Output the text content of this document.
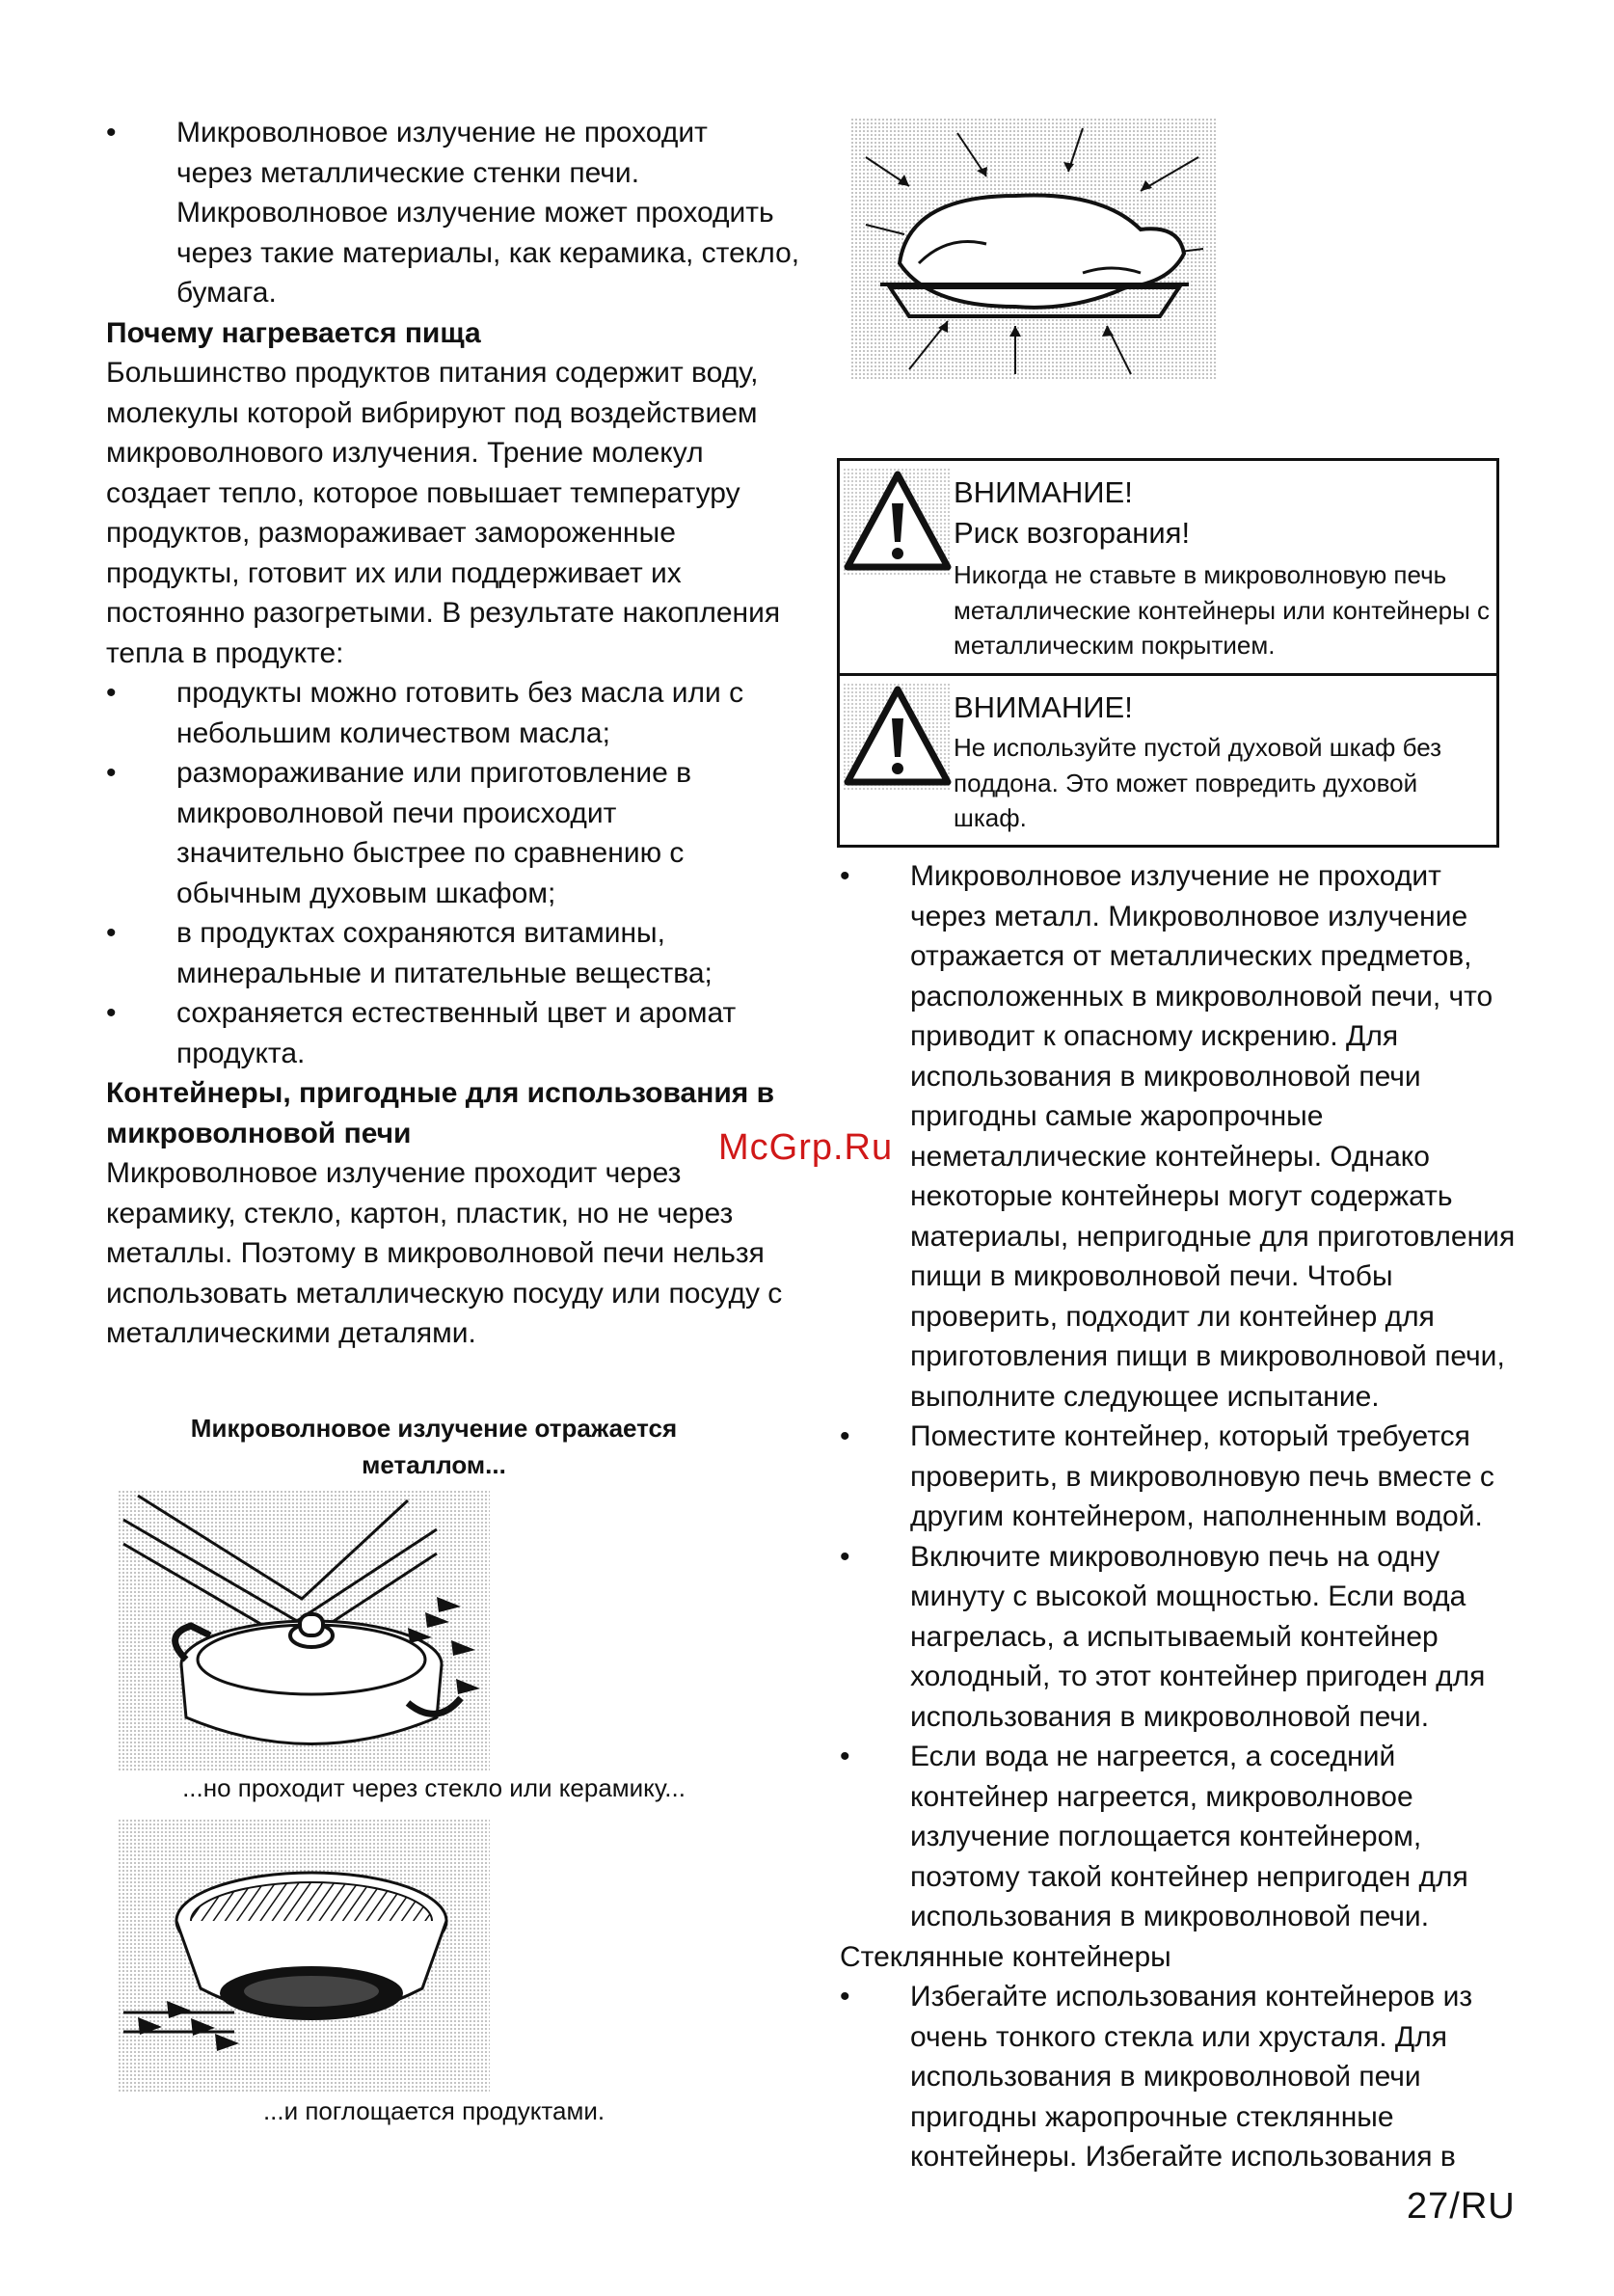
•	Микроволновое излучение не проходит

через металлические стенки печи.

Микроволновое излучение может проходить

через такие материалы, как керамика, стекло,

бумага.

Почему нагревается пища

Большинство продуктов питания содержит воду,

молекулы которой вибрируют под воздействием

микроволнового излучения. Трение молекул

создает тепло, которое повышает температуру

продуктов, размораживает замороженные

продукты, готовит их или поддерживает их

постоянно разогретыми. В результате накопления

тепла в продукте:

•	продукты можно готовить без масла или с

небольшим количеством масла;

•	размораживание или приготовление в

микроволновой печи происходит

значительно быстрее по сравнению с

обычным духовым шкафом;

•	в продуктах сохраняются витамины,

минеральные и питательные вещества;

•	сохраняется естественный цвет и аромат

продукта.

Контейнеры, пригодные для использования в

микроволновой печи

Микроволновое излучение проходит через

керамику, стекло, картон, пластик, но не через

металлы. Поэтому в микроволновой печи нельзя

использовать металлическую посуду или посуду с

металлическими деталями.

Микроволновое излучение отражается
металлом...
...но проходит через стекло или керамику...
...и поглощается продуктами.
ВНИМАНИЕ!
Риск возгорания!
Никогда не ставьте в микроволновую печь
металлические контейнеры или контейнеры с
металлическим покрытием.
ВНИМАНИЕ!
Не используйте пустой духовой шкаф без
поддона. Это может повредить духовой
шкаф.
•	Микроволновое излучение не проходит

через металл. Микроволновое излучение

отражается от металлических предметов,

расположенных в микроволновой печи, что

приводит к опасному искрению. Для

использования в микроволновой печи

пригодны самые жаропрочные

неметаллические контейнеры. Однако

некоторые контейнеры могут содержать

материалы, непригодные для приготовления

пищи в микроволновой печи. Чтобы

проверить, подходит ли контейнер для

приготовления пищи в микроволновой печи,

выполните следующее испытание.

•	Поместите контейнер, который требуется

проверить, в микроволновую печь вместе с

другим контейнером, наполненным водой.

•	Включите микроволновую печь на одну

минуту с высокой мощностью. Если вода

нагрелась, а испытываемый контейнер

холодный, то этот контейнер пригоден для

использования в микроволновой печи.

•	Если вода не нагреется, а соседний

контейнер нагреется, микроволновое

излучение поглощается контейнером,

поэтому такой контейнер непригоден для

использования в микроволновой печи.

Стеклянные контейнеры

•	Избегайте использования контейнеров из

очень тонкого стекла или хрусталя. Для

использования в микроволновой печи

пригодны жаропрочные стеклянные

контейнеры. Избегайте использования в

McGrp.Ru
27/RU
